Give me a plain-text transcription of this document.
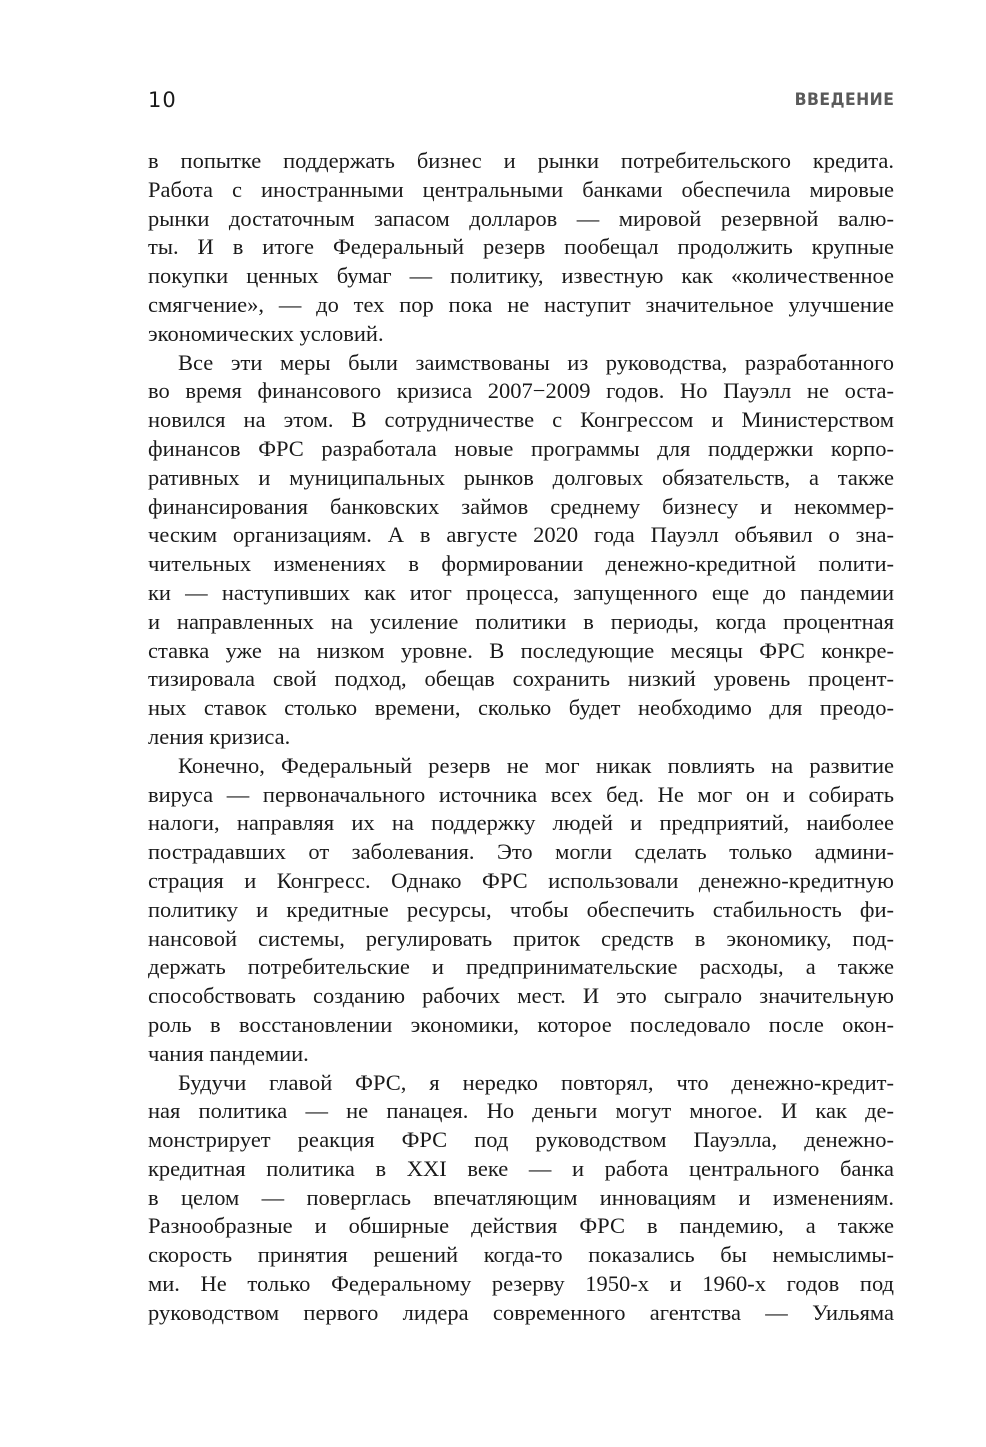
10	ВВЕДЕНИЕ
в попытке поддержать бизнес и рынки потребительского кредита.
Работа с иностранными центральными банками обеспечила мировые
рынки достаточным запасом долларов — мировой резервной валю-
ты. И в итоге Федеральный резерв пообещал продолжить крупные
покупки ценных бумаг — политику, известную как «количественное
смягчение», — до тех пор пока не наступит значительное улучшение
экономических условий.
Все эти меры были заимствованы из руководства, разработанного
во время финансового кризиса 2007−2009 годов. Но Пауэлл не оста-
новился на этом. В сотрудничестве с Конгрессом и Министерством
финансов ФРС разработала новые программы для поддержки корпо-
ративных и муниципальных рынков долговых обязательств, а также
финансирования банковских займов среднему бизнесу и некоммер-
ческим организациям. А в августе 2020 года Пауэлл объявил о зна-
чительных изменениях в формировании денежно-кредитной полити-
ки — наступивших как итог процесса, запущенного еще до пандемии
и направленных на усиление политики в периоды, когда процентная
ставка уже на низком уровне. В последующие месяцы ФРС конкре-
тизировала свой подход, обещав сохранить низкий уровень процент-
ных ставок столько времени, сколько будет необходимо для преодо-
ления кризиса.
Конечно, Федеральный резерв не мог никак повлиять на развитие
вируса — первоначального источника всех бед. Не мог он и собирать
налоги, направляя их на поддержку людей и предприятий, наиболее
пострадавших от заболевания. Это могли сделать только админи-
страция и Конгресс. Однако ФРС использовали денежно-кредитную
политику и кредитные ресурсы, чтобы обеспечить стабильность фи-
нансовой системы, регулировать приток средств в экономику, под-
держать потребительские и предпринимательские расходы, а также
способствовать созданию рабочих мест. И это сыграло значительную
роль в восстановлении экономики, которое последовало после окон-
чания пандемии.
Будучи главой ФРС, я нередко повторял, что денежно-кредит-
ная политика — не панацея. Но деньги могут многое. И как де-
монстрирует реакция ФРС под руководством Пауэлла, денежно-
кредитная политика в XXI веке — и работа центрального банка
в целом — поверглась впечатляющим инновациям и изменениям.
Разнообразные и обширные действия ФРС в пандемию, а также
скорость принятия решений когда-то показались бы немыслимы-
ми. Не только Федеральному резерву 1950-х и 1960-х годов под
руководством первого лидера современного агентства — Уильяма
